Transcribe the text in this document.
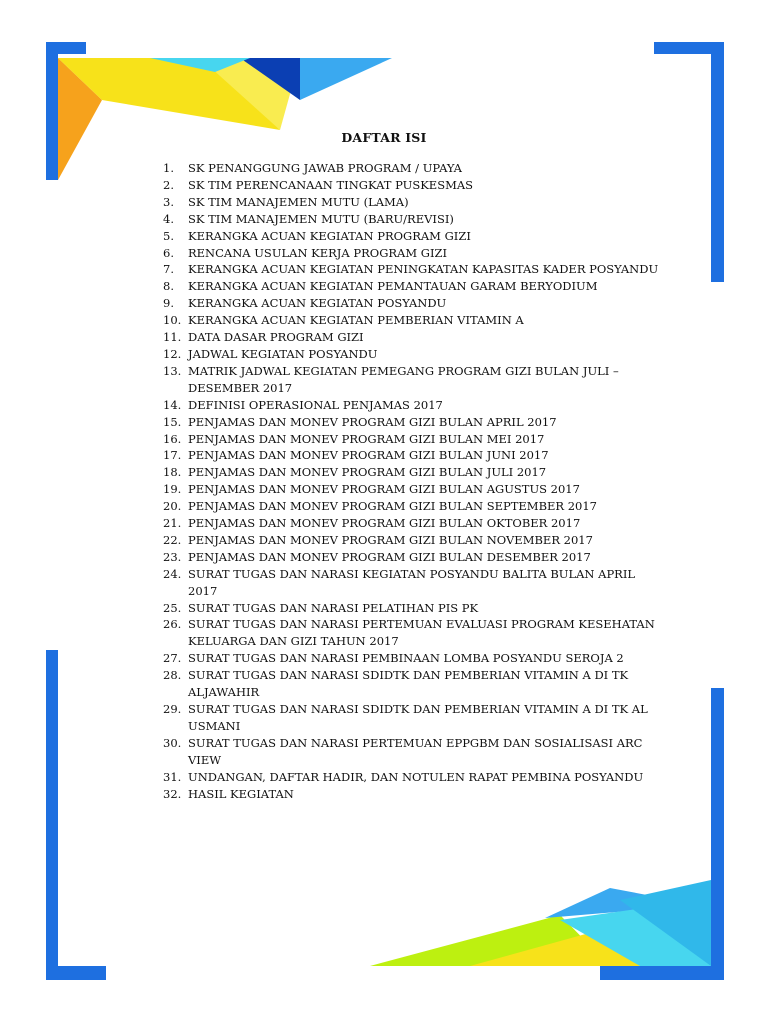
DAFTAR ISI
1.	SK PENANGGUNG JAWAB PROGRAM / UPAYA
2.	SK TIM PERENCANAAN TINGKAT PUSKESMAS
3.	SK TIM MANAJEMEN MUTU (LAMA)
4.	SK TIM MANAJEMEN MUTU (BARU/REVISI)
5.	KERANGKA ACUAN KEGIATAN PROGRAM GIZI
6.	RENCANA USULAN KERJA PROGRAM GIZI
7.	KERANGKA ACUAN KEGIATAN PENINGKATAN KAPASITAS KADER POSYANDU
8.	KERANGKA ACUAN KEGIATAN PEMANTAUAN GARAM BERYODIUM
9.	KERANGKA ACUAN KEGIATAN POSYANDU
10. KERANGKA ACUAN KEGIATAN PEMBERIAN VITAMIN A
11. DATA DASAR PROGRAM GIZI
12. JADWAL KEGIATAN POSYANDU
13. MATRIK JADWAL KEGIATAN PEMEGANG PROGRAM GIZI BULAN JULI – DESEMBER 2017
14. DEFINISI OPERASIONAL PENJAMAS 2017
15. PENJAMAS DAN MONEV PROGRAM GIZI BULAN APRIL 2017
16. PENJAMAS DAN MONEV PROGRAM GIZI BULAN MEI 2017
17. PENJAMAS DAN MONEV PROGRAM GIZI BULAN JUNI 2017
18. PENJAMAS DAN MONEV PROGRAM GIZI BULAN JULI 2017
19. PENJAMAS DAN MONEV PROGRAM GIZI BULAN AGUSTUS 2017
20. PENJAMAS DAN MONEV PROGRAM GIZI BULAN SEPTEMBER 2017
21. PENJAMAS DAN MONEV PROGRAM GIZI BULAN OKTOBER 2017
22. PENJAMAS DAN MONEV PROGRAM GIZI BULAN NOVEMBER 2017
23. PENJAMAS DAN MONEV PROGRAM GIZI BULAN DESEMBER 2017
24. SURAT TUGAS DAN NARASI KEGIATAN POSYANDU BALITA BULAN APRIL 2017
25. SURAT TUGAS DAN NARASI PELATIHAN PIS PK
26. SURAT TUGAS DAN NARASI PERTEMUAN EVALUASI PROGRAM KESEHATAN KELUARGA DAN GIZI TAHUN 2017
27. SURAT TUGAS DAN NARASI PEMBINAAN LOMBA POSYANDU SEROJA 2
28. SURAT TUGAS DAN NARASI SDIDTK DAN PEMBERIAN VITAMIN A DI TK ALJAWAHIR
29. SURAT TUGAS DAN NARASI SDIDTK DAN PEMBERIAN VITAMIN A DI TK AL USMANI
30. SURAT TUGAS DAN NARASI PERTEMUAN EPPGBM DAN SOSIALISASI ARC VIEW
31. UNDANGAN, DAFTAR HADIR, DAN NOTULEN RAPAT PEMBINA POSYANDU
32. HASIL KEGIATAN
